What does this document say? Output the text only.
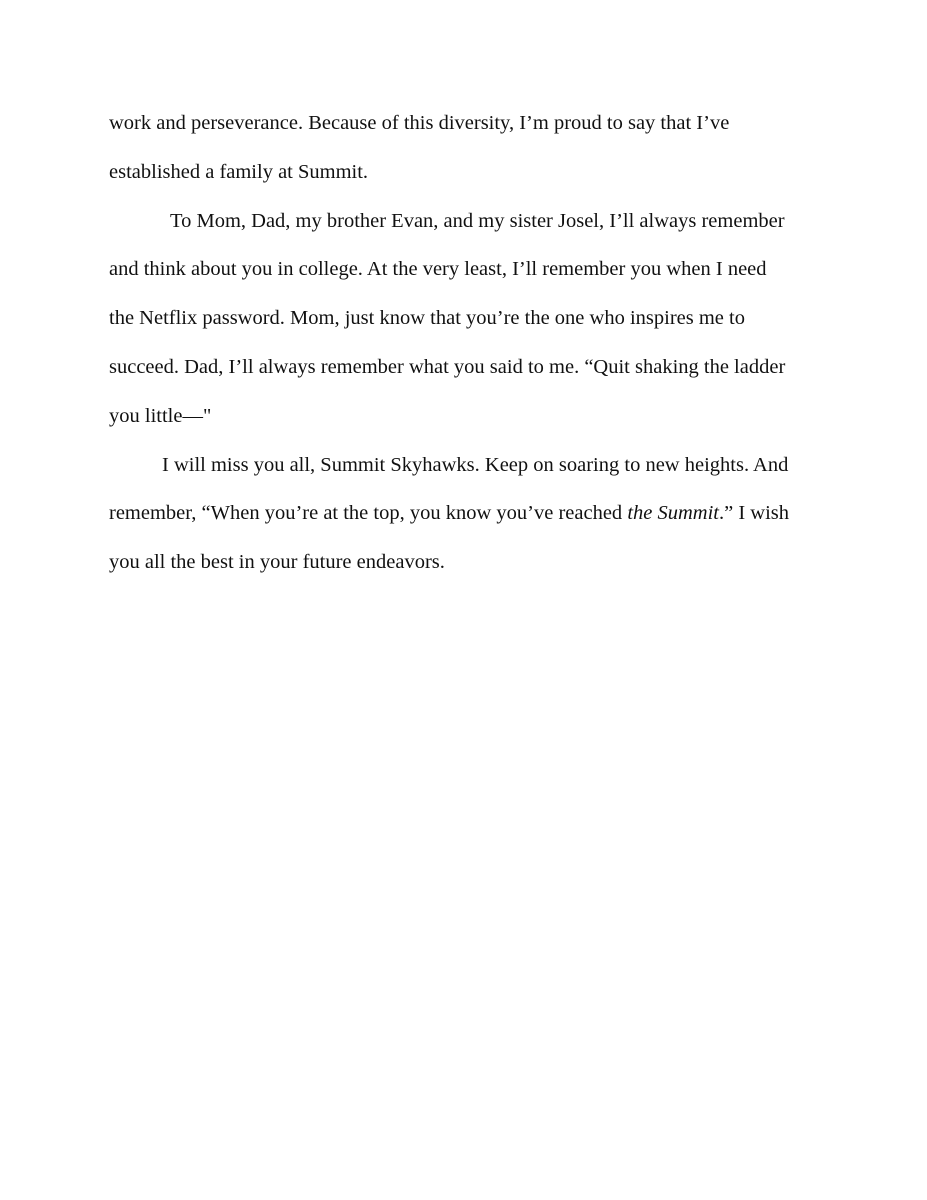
work and perseverance. Because of this diversity, I’m proud to say that I’ve
established a family at Summit.
To Mom, Dad, my brother Evan, and my sister Josel, I’ll always remember
and think about you in college. At the very least, I’ll remember you when I need
the Netflix password. Mom, just know that you’re the one who inspires me to
succeed. Dad, I’ll always remember what you said to me. “Quit shaking the ladder
you little—"
I will miss you all, Summit Skyhawks. Keep on soaring to new heights. And
remember, “When you’re at the top, you know you’ve reached the Summit.” I wish
you all the best in your future endeavors.
